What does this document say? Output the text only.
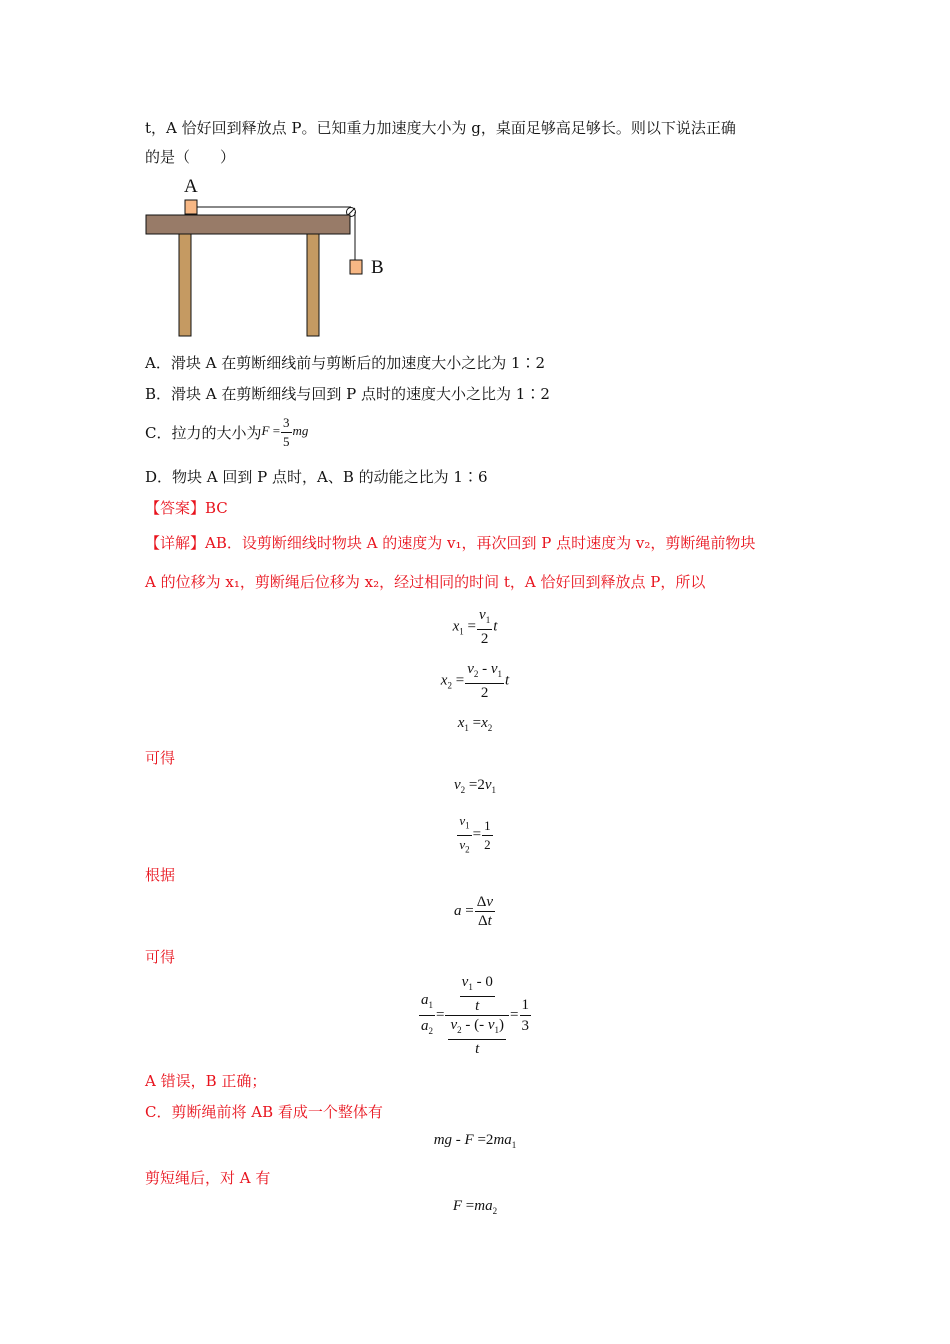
t，A 恰好回到释放点 P。已知重力加速度大小为 g，桌面足够高足够长。则以下说法正确
的是（　　）
A
B
A．滑块 A 在剪断细线前与剪断后的加速度大小之比为 1∶2
B．滑块 A 在剪断细线与回到 P 点时的速度大小之比为 1∶2
C．拉力的大小为$F = \frac{3}{5}$ mg
D．物块 A 回到 P 点时，A、B 的动能之比为 1∶6
【答案】BC
【详解】AB．设剪断细线时物块 A 的速度为 v₁，再次回到 P 点时速度为 v₂，剪断绳前物块
A 的位移为 x₁，剪断绳后位移为 x₂，经过相同的时间 t，A 恰好回到释放点 P，所以
$x_1 = \frac{v_1}{2}$ t
$x_2 = \frac{v_2 - v_1}{2}$ t
$x_1 =x_2$
可得
$v_2 =2v_1$
$\frac{v_1}{v_2} = \frac{1}{2}$
根据
$a = \frac{\Delta v}{\Delta t}$
可得
$\frac{a_1}{a_2} = \frac{\frac{v_1 - 0}{t}}{\frac{v_2 - (- v_1)}{t}} = \frac{1}{3}$
A 错误，B 正确；
C．剪断绳前将 AB 看成一个整体有
mg - $F =2ma_1$
剪短绳后，对 A 有
$F =ma_2$
